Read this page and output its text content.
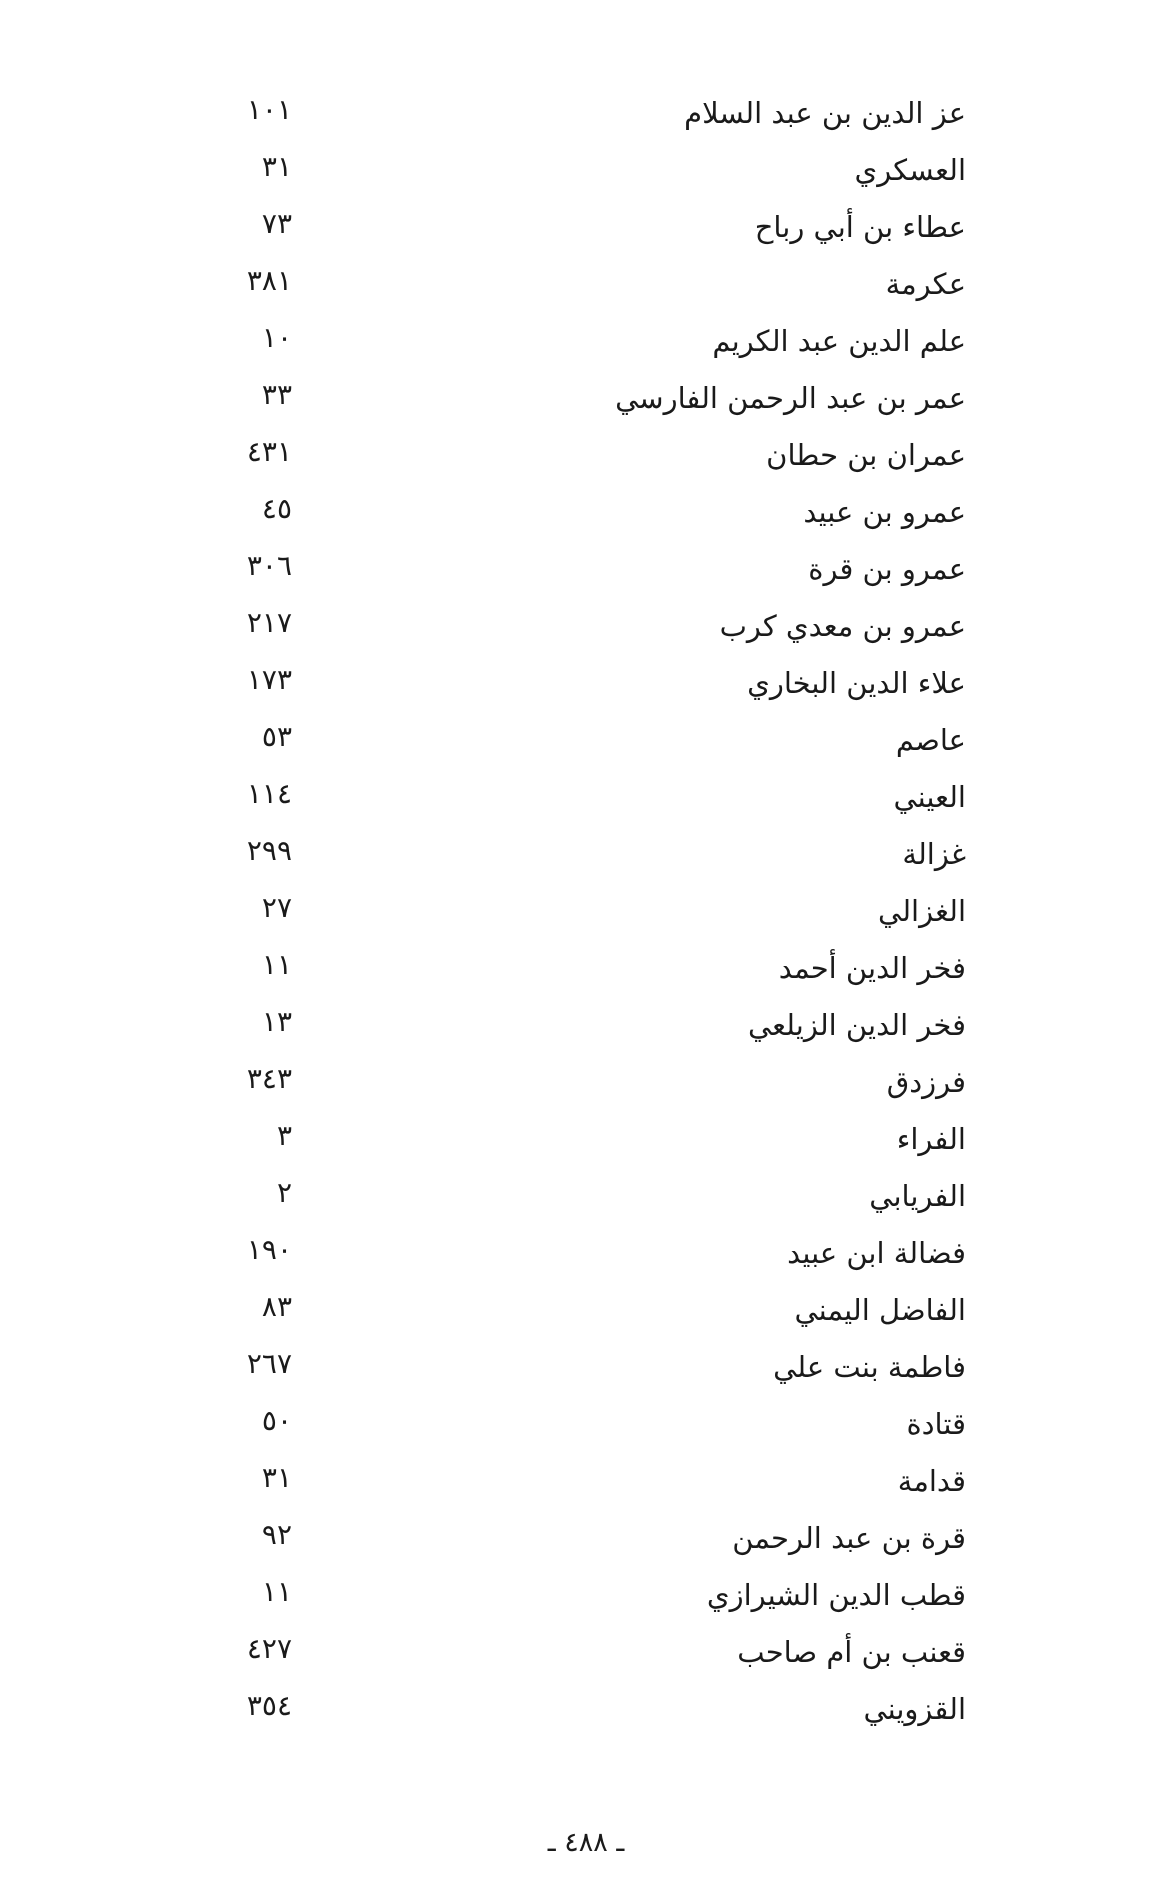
عز الدين بن عبد السلام
١٠١
العسكري
٣١
عطاء بن أبي رباح
٧٣
عكرمة
٣٨١
علم الدين عبد الكريم
١٠
عمر بن عبد الرحمن الفارسي
٣٣
عمران بن حطان
٤٣١
عمرو بن عبيد
٤٥
عمرو بن قرة
٣٠٦
عمرو بن معدي كرب
٢١٧
علاء الدين البخاري
١٧٣
عاصم
٥٣
العيني
١١٤
غزالة
٢٩٩
الغزالي
٢٧
فخر الدين أحمد
١١
فخر الدين الزيلعي
١٣
فرزدق
٣٤٣
الفراء
٣
الفريابي
٢
فضالة ابن عبيد
١٩٠
الفاضل اليمني
٨٣
فاطمة بنت علي
٢٦٧
قتادة
٥٠
قدامة
٣١
قرة بن عبد الرحمن
٩٢
قطب الدين الشيرازي
١١
قعنب بن أم صاحب
٤٢٧
القزويني
٣٥٤
ـ ٤٨٨ ـ
